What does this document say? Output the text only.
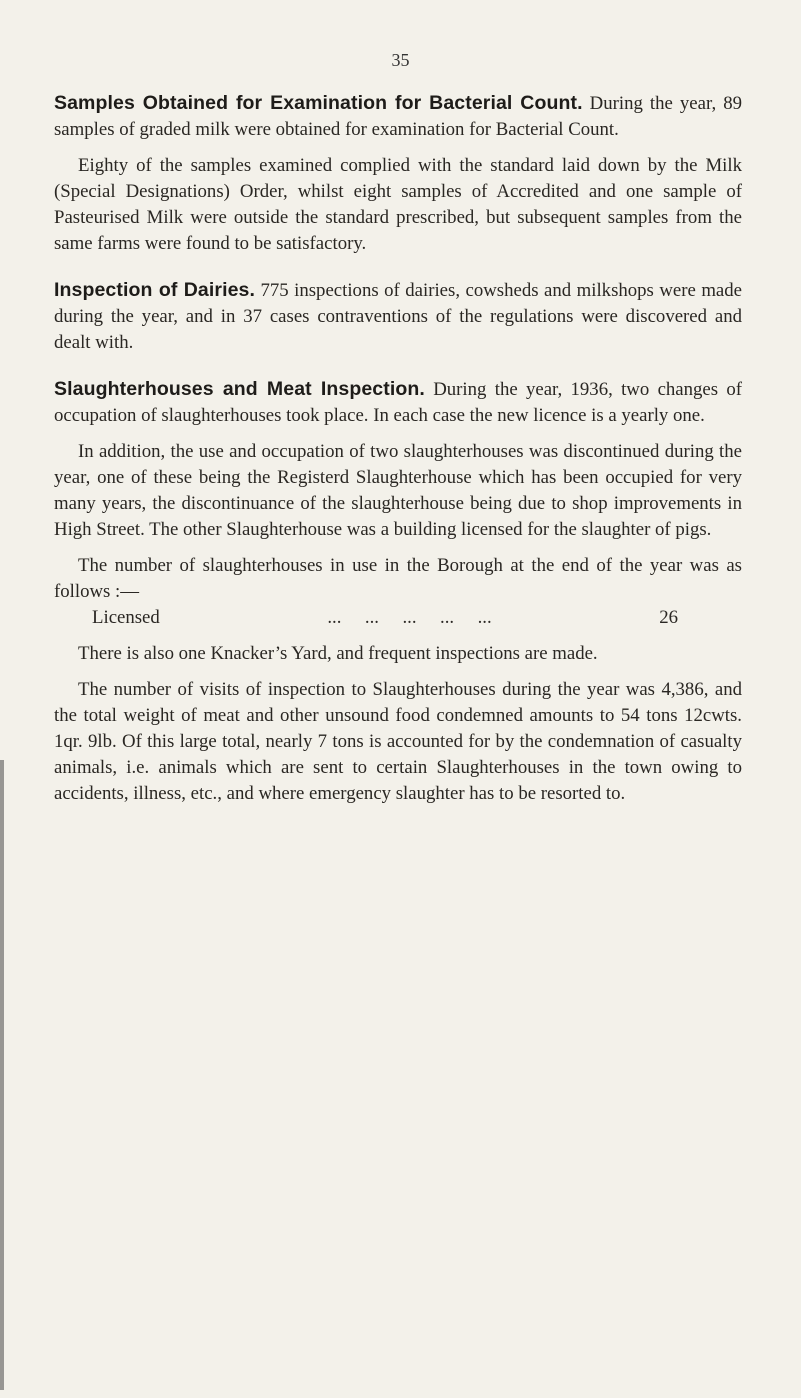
35

Samples Obtained for Examination for Bacterial Count. During the year, 89 samples of graded milk were obtained for examination for Bacterial Count.

Eighty of the samples examined complied with the standard laid down by the Milk (Special Designations) Order, whilst eight samples of Accredited and one sample of Pasteurised Milk were outside the standard prescribed, but subsequent samples from the same farms were found to be satisfactory.

Inspection of Dairies. 775 inspections of dairies, cowsheds and milkshops were made during the year, and in 37 cases contraventions of the regulations were discovered and dealt with.

Slaughterhouses and Meat Inspection. During the year, 1936, two changes of occupation of slaughterhouses took place. In each case the new licence is a yearly one.

In addition, the use and occupation of two slaughterhouses was discontinued during the year, one of these being the Registerd Slaughterhouse which has been occupied for very many years, the discontinuance of the slaughterhouse being due to shop improvements in High Street. The other Slaughterhouse was a building licensed for the slaughter of pigs.

The number of slaughterhouses in use in the Borough at the end of the year was as follows :—

Licensed	...     ...     ...     ...     ...	26

There is also one Knacker’s Yard, and frequent inspections are made.

The number of visits of inspection to Slaughterhouses during the year was 4,386, and the total weight of meat and other unsound food condemned amounts to 54 tons 12cwts. 1qr. 9lb. Of this large total, nearly 7 tons is accounted for by the condemnation of casualty animals, i.e. animals which are sent to certain Slaughterhouses in the town owing to accidents, illness, etc., and where emergency slaughter has to be resorted to.
